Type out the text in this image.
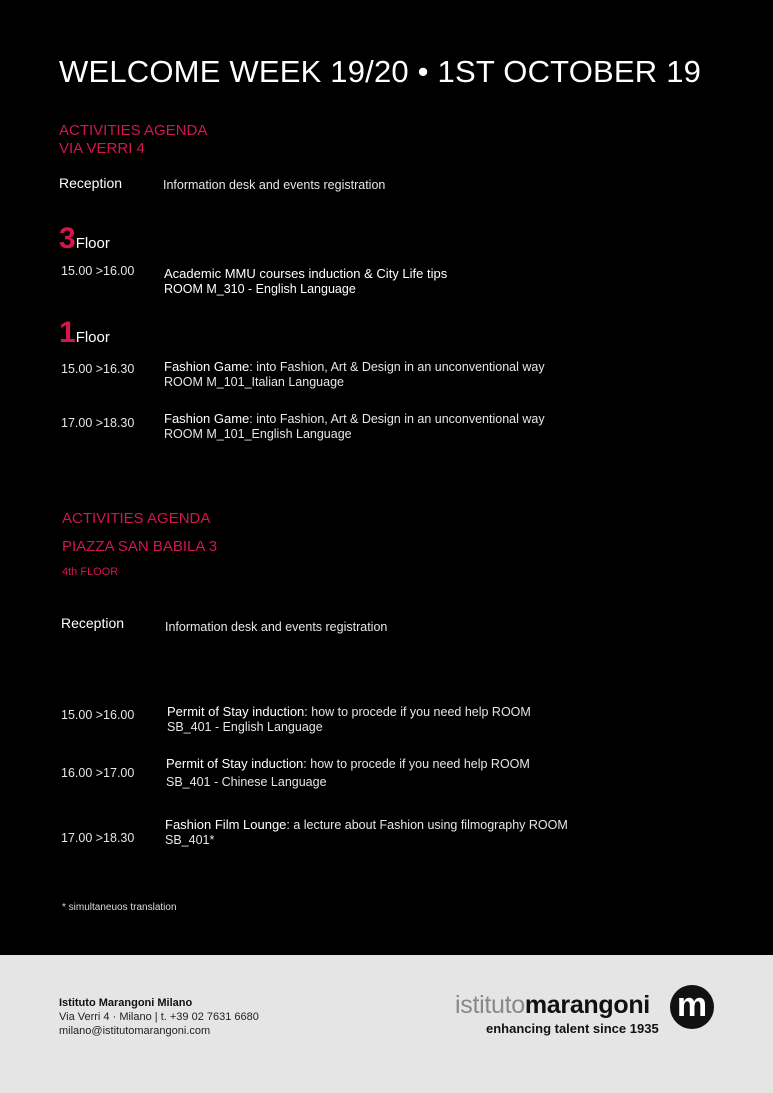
WELCOME WEEK 19/20 • 1ST OCTOBER 19
ACTIVITIES AGENDA
VIA VERRI 4
Reception	Information desk and events registration
3Floor
15.00 >16.00 Academic MMU courses induction & City Life tips
ROOM M_310 - English Language
1Floor
15.00 >16.30 Fashion Game: into Fashion, Art & Design in an unconventional way
ROOM M_101_Italian Language
17.00 >18.30 Fashion Game: into Fashion, Art & Design in an unconventional way
ROOM M_101_English Language
ACTIVITIES AGENDA
PIAZZA SAN BABILA 3
4th FLOOR
Reception	Information desk and events registration
15.00 >16.00	Permit of Stay induction: how to procede if you need help ROOM
SB_401 - English Language
16.00 >17.00
Permit of Stay induction: how to procede if you need help ROOM
SB_401 - Chinese Language
17.00 >18.30
Fashion Film Lounge: a lecture about Fashion using filmography ROOM
SB_401*
* simultaneuos translation
Istituto Marangoni Milano
Via Verri 4 · Milano | t. +39 02 7631 6680
milano@istitutomarangoni.com
istitutomarangoni
enhancing talent since 1935
m
